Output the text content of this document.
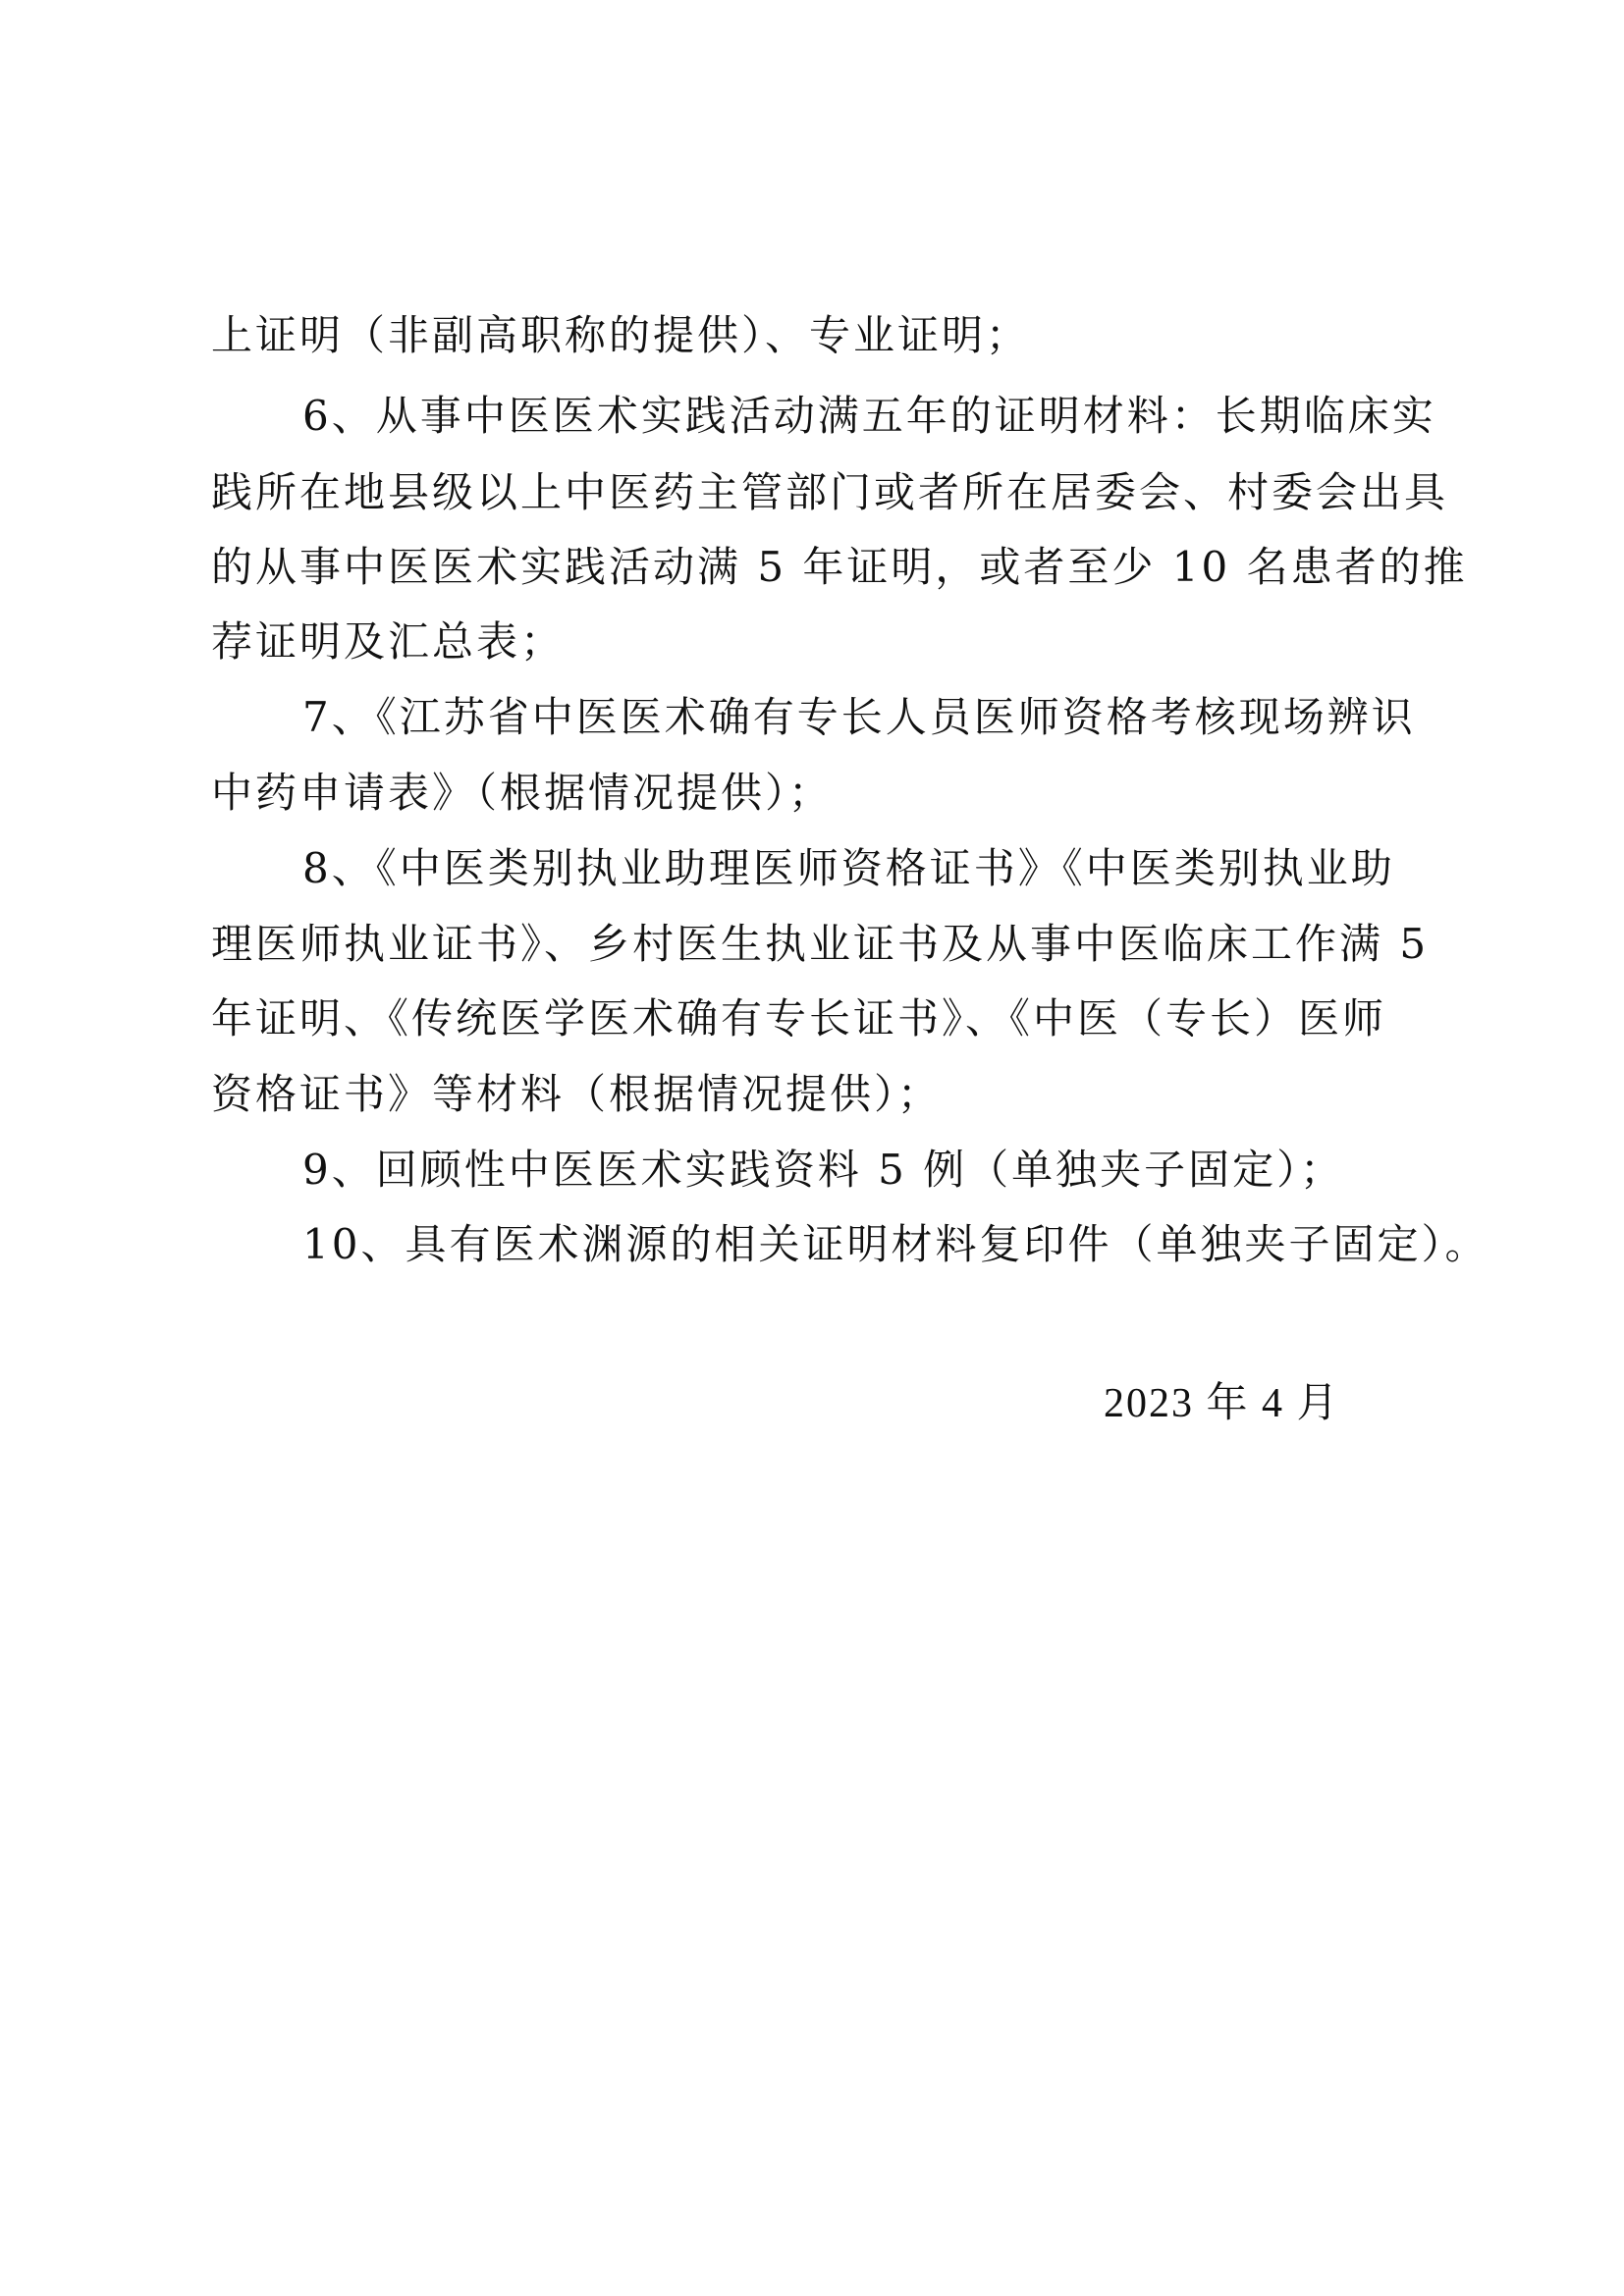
上证明（非副高职称的提供）、专业证明；
6、从事中医医术实践活动满五年的证明材料：长期临床实
践所在地县级以上中医药主管部门或者所在居委会、村委会出具
的从事中医医术实践活动满 5 年证明，或者至少 10 名患者的推
荐证明及汇总表；
7、《江苏省中医医术确有专长人员医师资格考核现场辨识
中药申请表》（根据情况提供）；
8、《中医类别执业助理医师资格证书》《中医类别执业助
理医师执业证书》、乡村医生执业证书及从事中医临床工作满 5
年证明、《传统医学医术确有专长证书》、《中医（专长）医师
资格证书》等材料（根据情况提供）；
9、回顾性中医医术实践资料 5 例（单独夹子固定）；
10、具有医术渊源的相关证明材料复印件（单独夹子固定）。
2023 年 4 月
